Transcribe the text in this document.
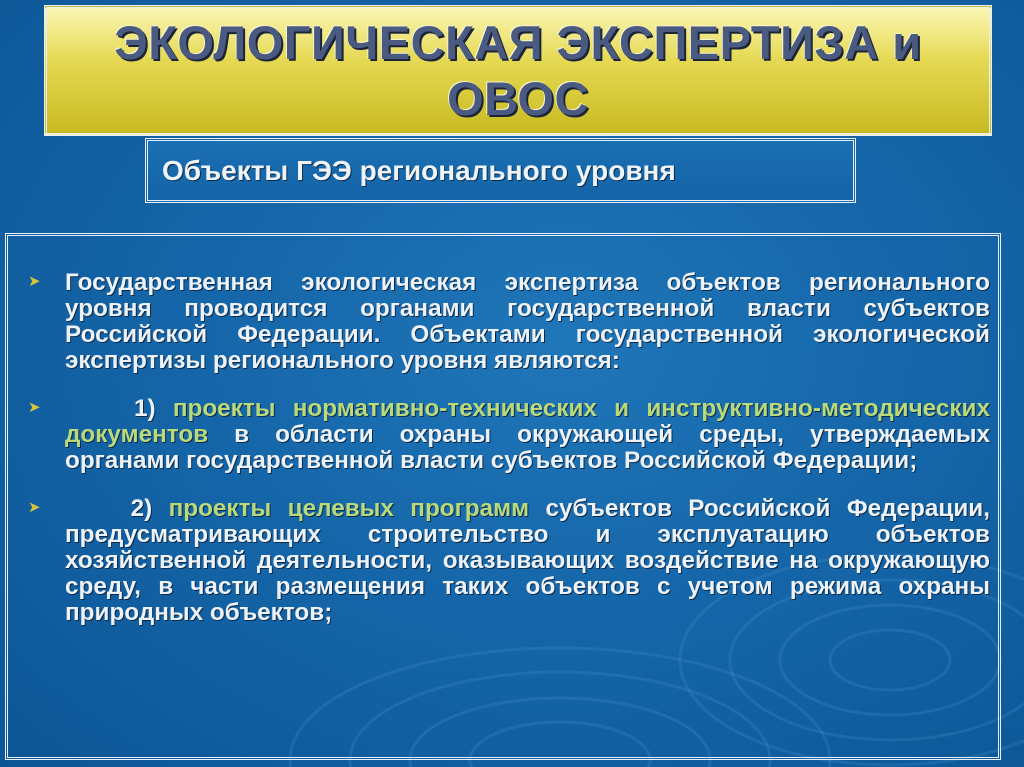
ЭКОЛОГИЧЕСКАЯ ЭКСПЕРТИЗА и
ОВОС
Объекты ГЭЭ регионального уровня
➤ Государственная экологическая экспертиза объектов регионального уровня проводится органами государственной власти субъектов Российской Федерации. Объектами государственной экологической экспертизы регионального уровня являются:
➤	1) проекты нормативно-технических и инструктивно-методических документов в области охраны окружающей среды, утверждаемых органами государственной власти субъектов Российской Федерации;
➤	2) проекты целевых программ субъектов Российской Федерации, предусматривающих строительство и эксплуатацию объектов хозяйственной деятельности, оказывающих воздействие на окружающую среду, в части размещения таких объектов с учетом режима охраны природных объектов;
